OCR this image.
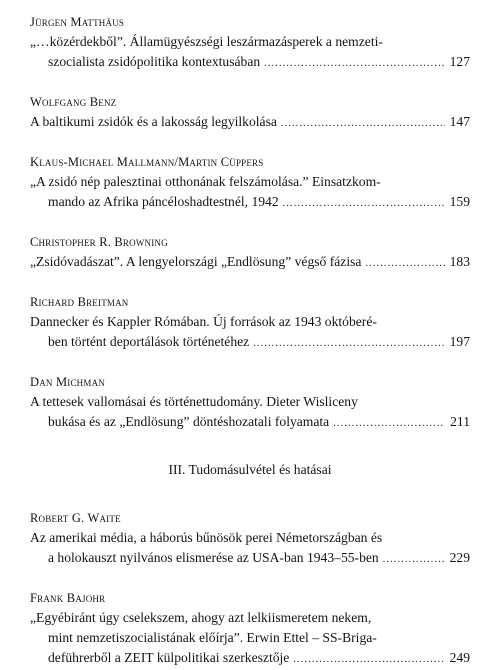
Jürgen Matthäus
„…közérdekből”. Államügyészségi leszármazásperek a nemzeti-
szocialista zsidópolitika kontextusában .....	127
Wolfgang Benz
A baltikumi zsidók és a lakosság legyilkolása .....	147
Klaus-Michael Mallmann/Martin Cüppers
„A zsidó nép palesztinai otthonának felszámolása.” Einsatzkom-
mando az Afrika páncéloshadtestnél, 1942 .....	159
Christopher R. Browning
„Zsidóvadászat”. A lengyelországi „Endlösung” végső fázisa .....	183
Richard Breitman
Dannecker és Kappler Rómában. Új források az 1943 októberé-
ben történt deportálások történetéhez .....	197
Dan Michman
A tettesek vallomásai és történettudomány. Dieter Wisliceny
bukása és az „Endlösung” döntéshozatali folyamata .....	211
III. Tudomásulvétel és hatásai
Robert G. Waite
Az amerikai média, a háborús bűnösök perei Németországban és
a holokauszt nyilvános elismerése az USA-ban 1943–55-ben .....	229
Frank Bajohr
„Egyébiránt úgy cselekszem, ahogy azt lelkiismeretem nekem,
mint nemzetiszocialistának előírja”. Erwin Ettel – SS-Briga-
deführerből a ZEIT külpolitikai szerkesztője .....	249
